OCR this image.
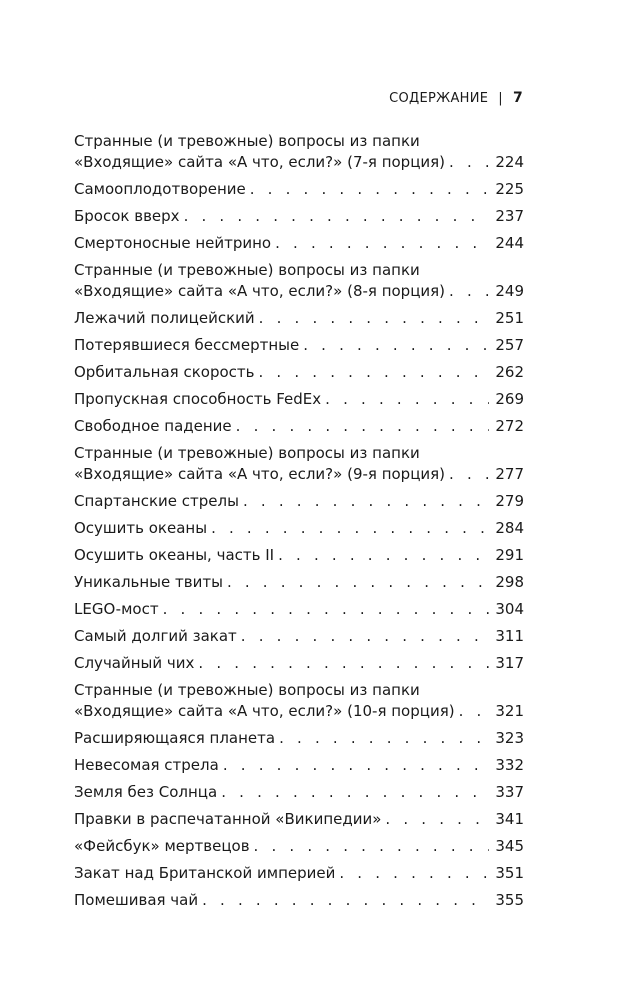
СОДЕРЖАНИЕ | 7
Странные (и тревожные) вопросы из папки
«Входящие» сайта «А что, если?» (7-я порция) . . .	224
Самооплодотворение . . .	225
Бросок вверх . . .	237
Смертоносные нейтрино . . .	244
Странные (и тревожные) вопросы из папки
«Входящие» сайта «А что, если?» (8-я порция) . . .	249
Лежачий полицейский . . .	251
Потерявшиеся бессмертные . . .	257
Орбитальная скорость . . .	262
Пропускная способность FedEx . . .	269
Свободное падение . . .	272
Странные (и тревожные) вопросы из папки
«Входящие» сайта «А что, если?» (9-я порция) . . .	277
Спартанские стрелы . . .	279
Осушить океаны . . .	284
Осушить океаны, часть II . . .	291
Уникальные твиты . . .	298
LEGO-мост . . .	304
Самый долгий закат . . .	311
Случайный чих . . .	317
Странные (и тревожные) вопросы из папки
«Входящие» сайта «А что, если?» (10-я порция) . . .	321
Расширяющаяся планета . . .	323
Невесомая стрела . . .	332
Земля без Солнца . . .	337
Правки в распечатанной «Википедии» . . .	341
«Фейсбук» мертвецов . . .	345
Закат над Британской империей . . .	351
Помешивая чай . . .	355
